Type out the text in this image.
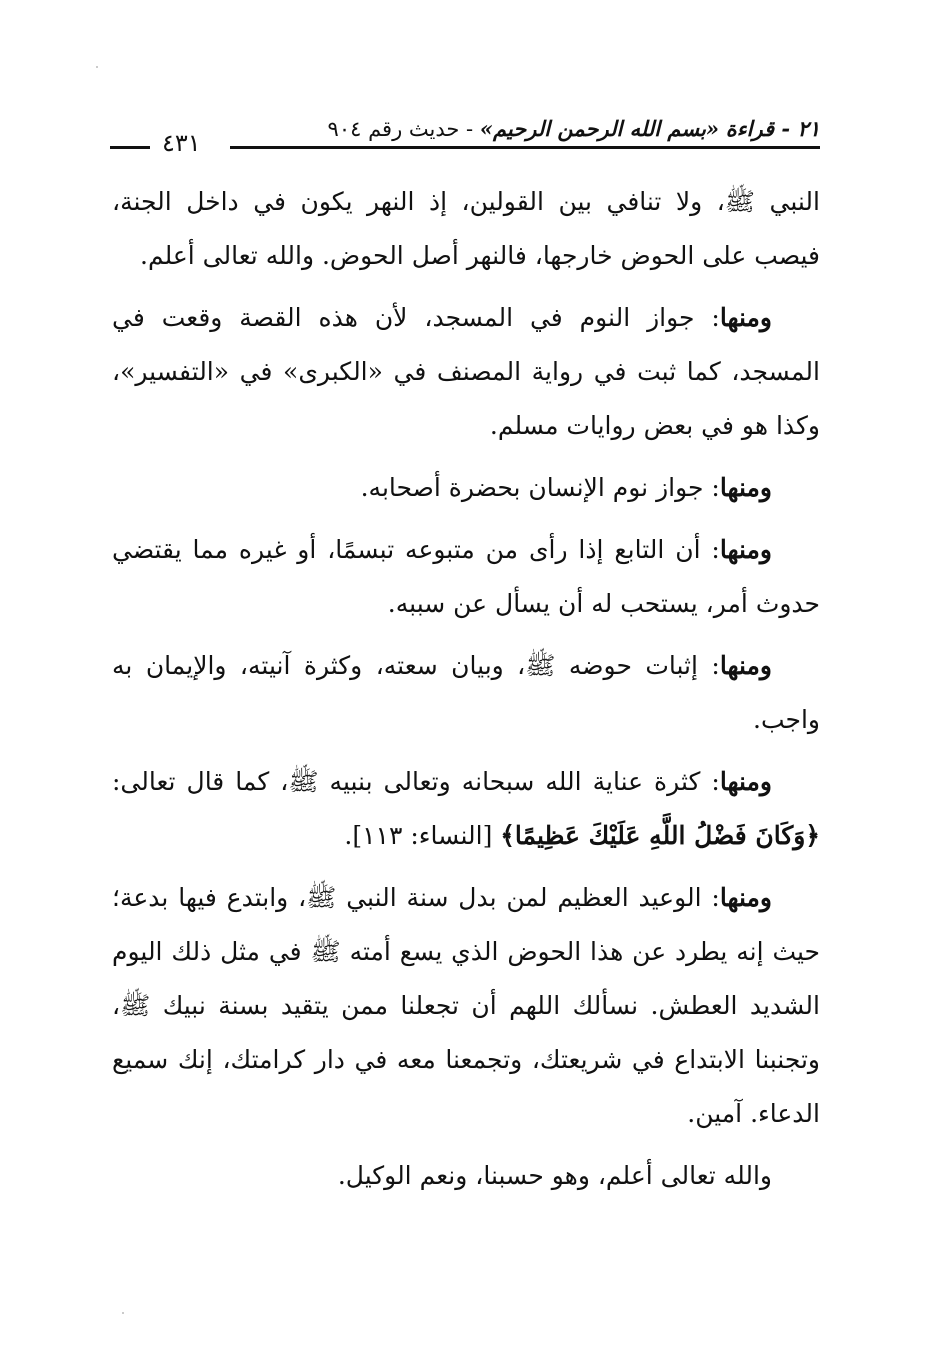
٢١ - قراءة «بسم الله الرحمن الرحيم» - حديث رقم ٩٠٤
٤٣١

النبي ﷺ، ولا تنافي بين القولين، إذ النهر يكون في داخل الجنة، فيصب على الحوض خارجها، فالنهر أصل الحوض. والله تعالى أعلم.

ومنها: جواز النوم في المسجد، لأن هذه القصة وقعت في المسجد، كما ثبت في رواية المصنف في «الكبرى» في «التفسير»، وكذا هو في بعض روايات مسلم.

ومنها: جواز نوم الإنسان بحضرة أصحابه.

ومنها: أن التابع إذا رأى من متبوعه تبسمًا، أو غيره مما يقتضي حدوث أمر، يستحب له أن يسأل عن سببه.

ومنها: إثبات حوضه ﷺ، وبيان سعته، وكثرة آنيته، والإيمان به واجب.

ومنها: كثرة عناية الله سبحانه وتعالى بنبيه ﷺ، كما قال تعالى: ﴿وَكَانَ فَضْلُ اللَّهِ عَلَيْكَ عَظِيمًا﴾ [النساء: ١١٣].

ومنها: الوعيد العظيم لمن بدل سنة النبي ﷺ، وابتدع فيها بدعة؛ حيث إنه يطرد عن هذا الحوض الذي يسع أمته ﷺ في مثل ذلك اليوم الشديد العطش. نسألك اللهم أن تجعلنا ممن يتقيد بسنة نبيك ﷺ، وتجنبنا الابتداع في شريعتك، وتجمعنا معه في دار كرامتك، إنك سميع الدعاء. آمين.

والله تعالى أعلم، وهو حسبنا، ونعم الوكيل.
